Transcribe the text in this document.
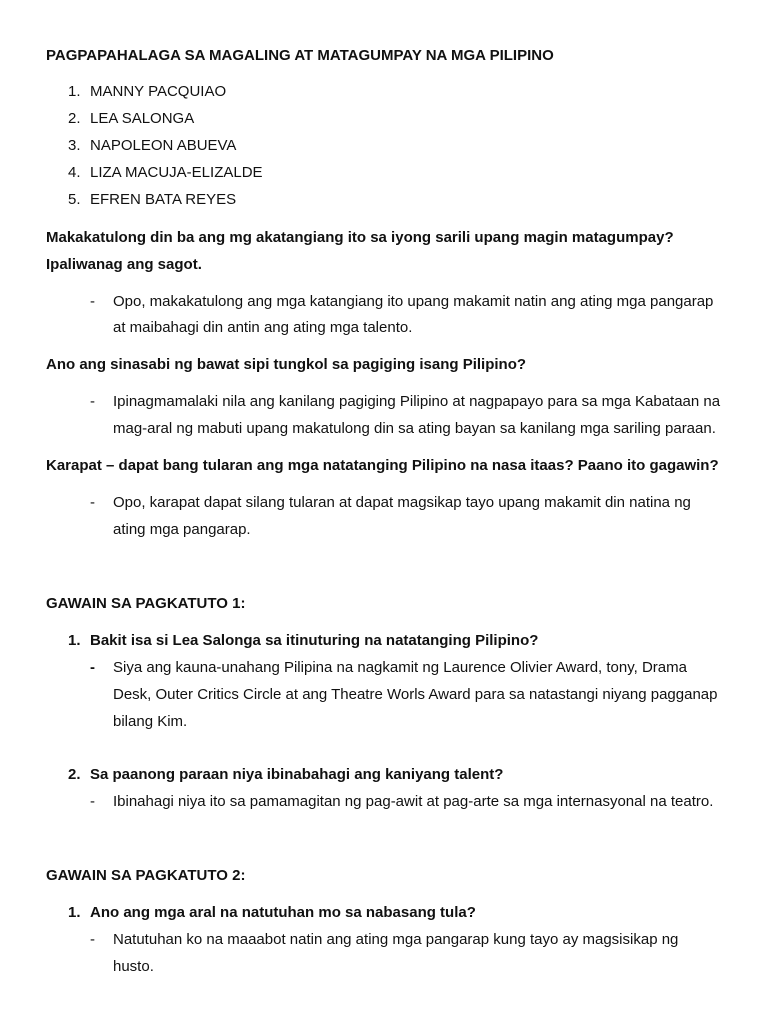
PAGPAPAHALAGA SA MAGALING AT MATAGUMPAY NA MGA PILIPINO
1. MANNY PACQUIAO
2. LEA SALONGA
3. NAPOLEON ABUEVA
4. LIZA MACUJA-ELIZALDE
5. EFREN BATA REYES
Makakatulong din ba ang mg akatangiang ito sa iyong sarili upang magin matagumpay?
Ipaliwanag ang sagot.
- Opo, makakatulong ang mga katangiang ito upang makamit natin ang ating mga pangarap
at maibahagi din antin ang ating mga talento.
Ano ang sinasabi ng bawat sipi tungkol sa pagiging isang Pilipino?
- Ipinagmamalaki nila ang kanilang pagiging Pilipino at nagpapayo para sa mga Kabataan na
mag-aral ng mabuti upang makatulong din sa ating bayan sa kanilang mga sariling paraan.
Karapat – dapat bang tularan ang mga natatanging Pilipino na nasa itaas? Paano ito gagawin?
- Opo, karapat dapat silang tularan at dapat magsikap tayo upang makamit din natina ng
ating mga pangarap.
GAWAIN SA PAGKATUTO 1:
1. Bakit isa si Lea Salonga sa itinuturing na natatanging Pilipino?
- Siya ang kauna-unahang Pilipina na nagkamit ng Laurence Olivier Award, tony, Drama
Desk, Outer Critics Circle at ang Theatre Worls Award para sa natastangi niyang pagganap
bilang Kim.
2. Sa paanong paraan niya ibinabahagi ang kaniyang talent?
- Ibinahagi niya ito sa pamamagitan ng pag-awit at pag-arte sa mga internasyonal na teatro.
GAWAIN SA PAGKATUTO 2:
1. Ano ang mga aral na natutuhan mo sa nabasang tula?
- Natutuhan ko na maaabot natin ang ating mga pangarap kung tayo ay magsisikap ng
husto.
